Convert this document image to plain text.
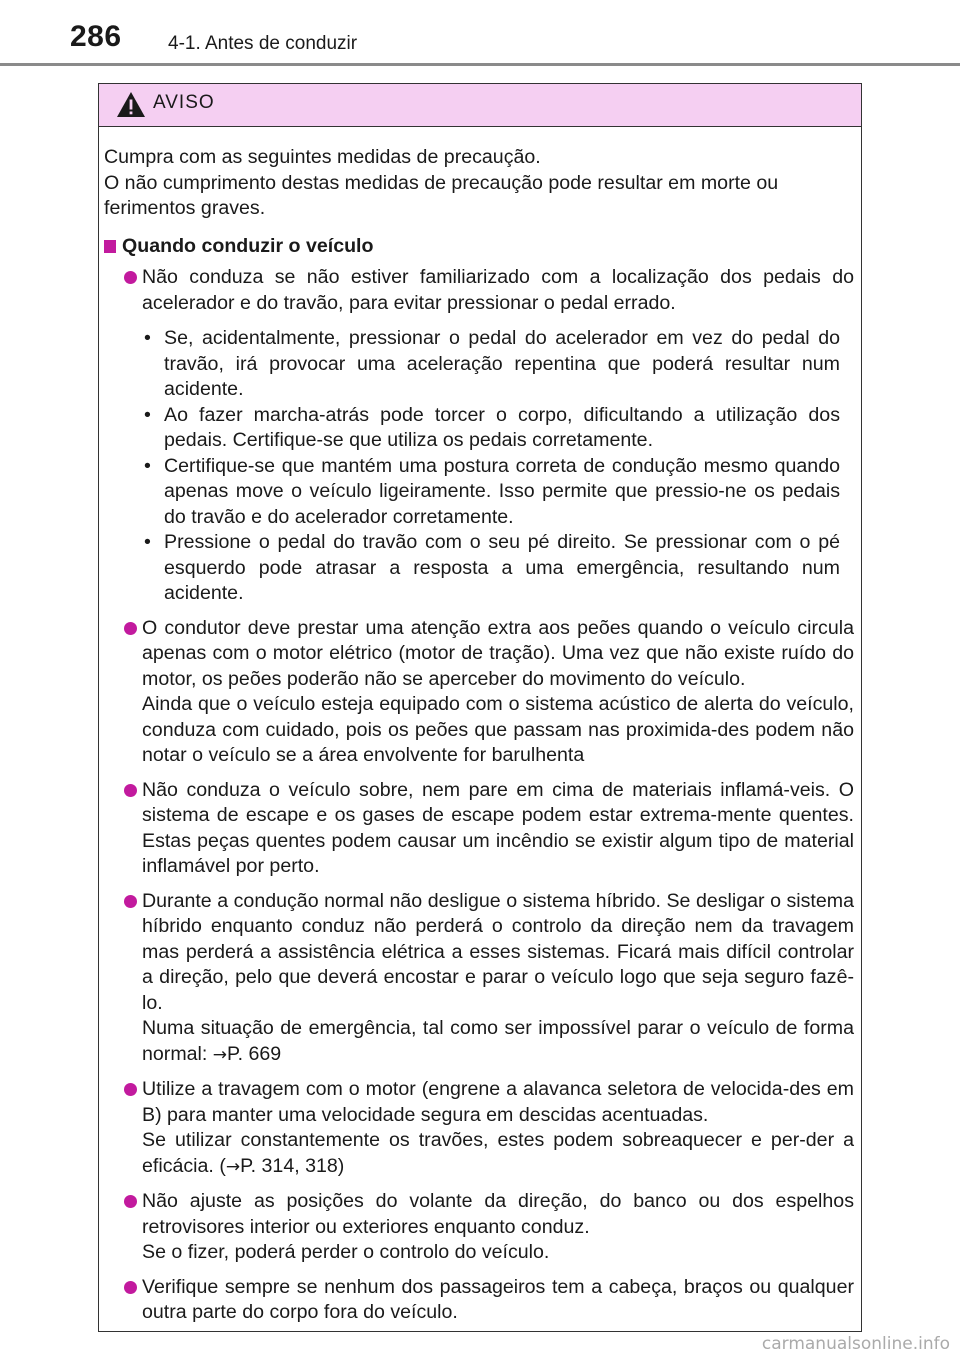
286 4-1. Antes de conduzir
AVISO

Cumpra com as seguintes medidas de precaução.

O não cumprimento destas medidas de precaução pode resultar em morte ou ferimentos graves.

Quando conduzir o veículo

Não conduza se não estiver familiarizado com a localização dos pedais do acelerador e do travão, para evitar pressionar o pedal errado.

• Se, acidentalmente, pressionar o pedal do acelerador em vez do pedal do travão, irá provocar uma aceleração repentina que poderá resultar num acidente.
• Ao fazer marcha-atrás pode torcer o corpo, dificultando a utilização dos pedais. Certifique-se que utiliza os pedais corretamente.
• Certifique-se que mantém uma postura correta de condução mesmo quando apenas move o veículo ligeiramente. Isso permite que pressio-ne os pedais do travão e do acelerador corretamente.
• Pressione o pedal do travão com o seu pé direito. Se pressionar com o pé esquerdo pode atrasar a resposta a uma emergência, resultando num acidente.

O condutor deve prestar uma atenção extra aos peões quando o veículo circula apenas com o motor elétrico (motor de tração). Uma vez que não existe ruído do motor, os peões poderão não se aperceber do movimento do veículo.

Ainda que o veículo esteja equipado com o sistema acústico de alerta do veículo, conduza com cuidado, pois os peões que passam nas proximida-des podem não notar o veículo se a área envolvente for barulhenta

Não conduza o veículo sobre, nem pare em cima de materiais inflamá-veis. O sistema de escape e os gases de escape podem estar extrema-mente quentes. Estas peças quentes podem causar um incêndio se existir algum tipo de material inflamável por perto.

Durante a condução normal não desligue o sistema híbrido. Se desligar o sistema híbrido enquanto conduz não perderá o controlo da direção nem da travagem mas perderá a assistência elétrica a esses sistemas. Ficará mais difícil controlar a direção, pelo que deverá encostar e parar o veículo logo que seja seguro fazê-lo.

Numa situação de emergência, tal como ser impossível parar o veículo de forma normal: →P. 669

Utilize a travagem com o motor (engrene a alavanca seletora de velocida-des em B) para manter uma velocidade segura em descidas acentuadas.

Se utilizar constantemente os travões, estes podem sobreaquecer e per-der a eficácia. (→P. 314, 318)

Não ajuste as posições do volante da direção, do banco ou dos espelhos retrovisores interior ou exteriores enquanto conduz.

Se o fizer, poderá perder o controlo do veículo.

Verifique sempre se nenhum dos passageiros tem a cabeça, braços ou qualquer outra parte do corpo fora do veículo.

carmanualsonline.info
